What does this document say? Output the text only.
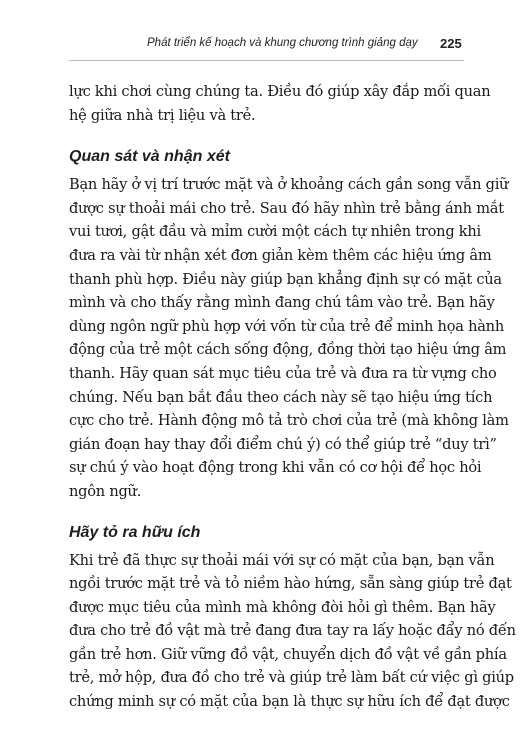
Phát triển kế hoạch và khung chương trình giảng dạy 225

lực khi chơi cùng chúng ta. Điều đó giúp xây đắp mối quan
hệ giữa nhà trị liệu và trẻ.

Quan sát và nhận xét

Bạn hãy ở vị trí trước mặt và ở khoảng cách gần song vẫn giữ
được sự thoải mái cho trẻ. Sau đó hãy nhìn trẻ bằng ánh mắt
vui tươi, gật đầu và mỉm cười một cách tự nhiên trong khi
đưa ra vài từ nhận xét đơn giản kèm thêm các hiệu ứng âm
thanh phù hợp. Điều này giúp bạn khẳng định sự có mặt của
mình và cho thấy rằng mình đang chú tâm vào trẻ. Bạn hãy
dùng ngôn ngữ phù hợp với vốn từ của trẻ để minh họa hành
động của trẻ một cách sống động, đồng thời tạo hiệu ứng âm
thanh. Hãy quan sát mục tiêu của trẻ và đưa ra từ vựng cho
chúng. Nếu bạn bắt đầu theo cách này sẽ tạo hiệu ứng tích
cực cho trẻ. Hành động mô tả trò chơi của trẻ (mà không làm
gián đoạn hay thay đổi điểm chú ý) có thể giúp trẻ “duy trì”
sự chú ý vào hoạt động trong khi vẫn có cơ hội để học hỏi
ngôn ngữ.

Hãy tỏ ra hữu ích

Khi trẻ đã thực sự thoải mái với sự có mặt của bạn, bạn vẫn
ngồi trước mặt trẻ và tỏ niềm hào hứng, sẵn sàng giúp trẻ đạt
được mục tiêu của mình mà không đòi hỏi gì thêm. Bạn hãy
đưa cho trẻ đồ vật mà trẻ đang đưa tay ra lấy hoặc đẩy nó đến
gần trẻ hơn. Giữ vững đồ vật, chuyển dịch đồ vật về gần phía
trẻ, mở hộp, đưa đồ cho trẻ và giúp trẻ làm bất cứ việc gì giúp
chứng minh sự có mặt của bạn là thực sự hữu ích để đạt được
